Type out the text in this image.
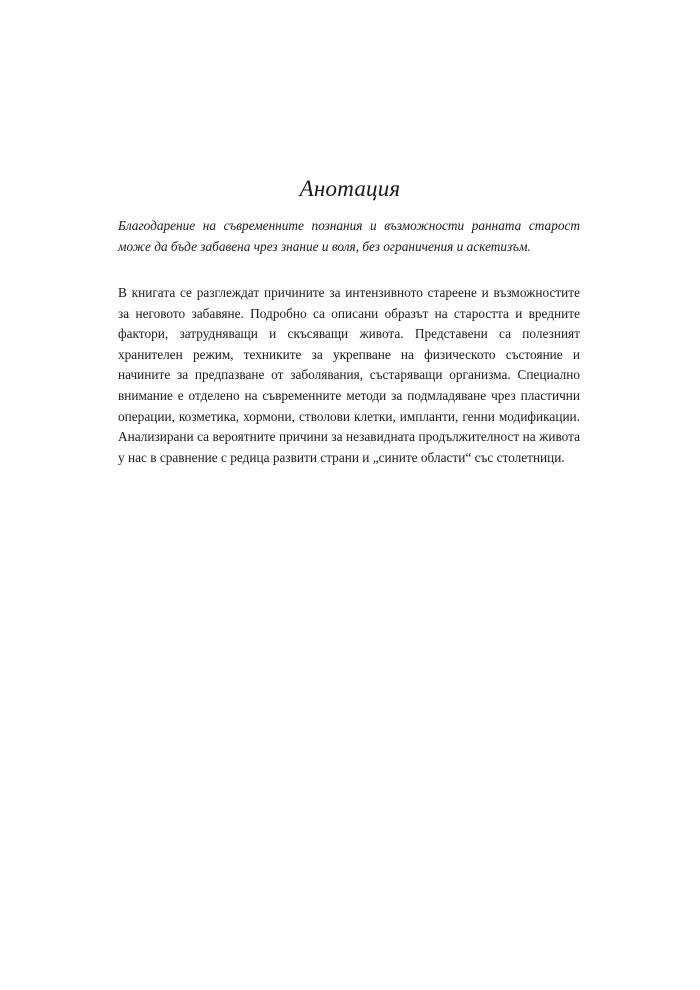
Анотация

Благодарение на съвременните познания и възможности ранната старост може да бъде забавена чрез знание и воля, без ограничения и аскетизъм.

В книгата се разглеждат причините за интензивното стареене и възможностите за неговото забавяне. Подробно са описани образът на старостта и вредните фактори, затрудняващи и скъсяващи живота. Представени са полезният хранителен режим, техниките за укрепване на физическото състояние и начините за предпазване от заболявания, състаряващи организма. Специално внимание е отделено на съвременните методи за подмладяване чрез пластични операции, козметика, хормони, стволови клетки, импланти, генни модификации. Анализирани са вероятните причини за незавидната продължителност на живота у нас в сравнение с редица развити страни и „сините области“ със столетници.
